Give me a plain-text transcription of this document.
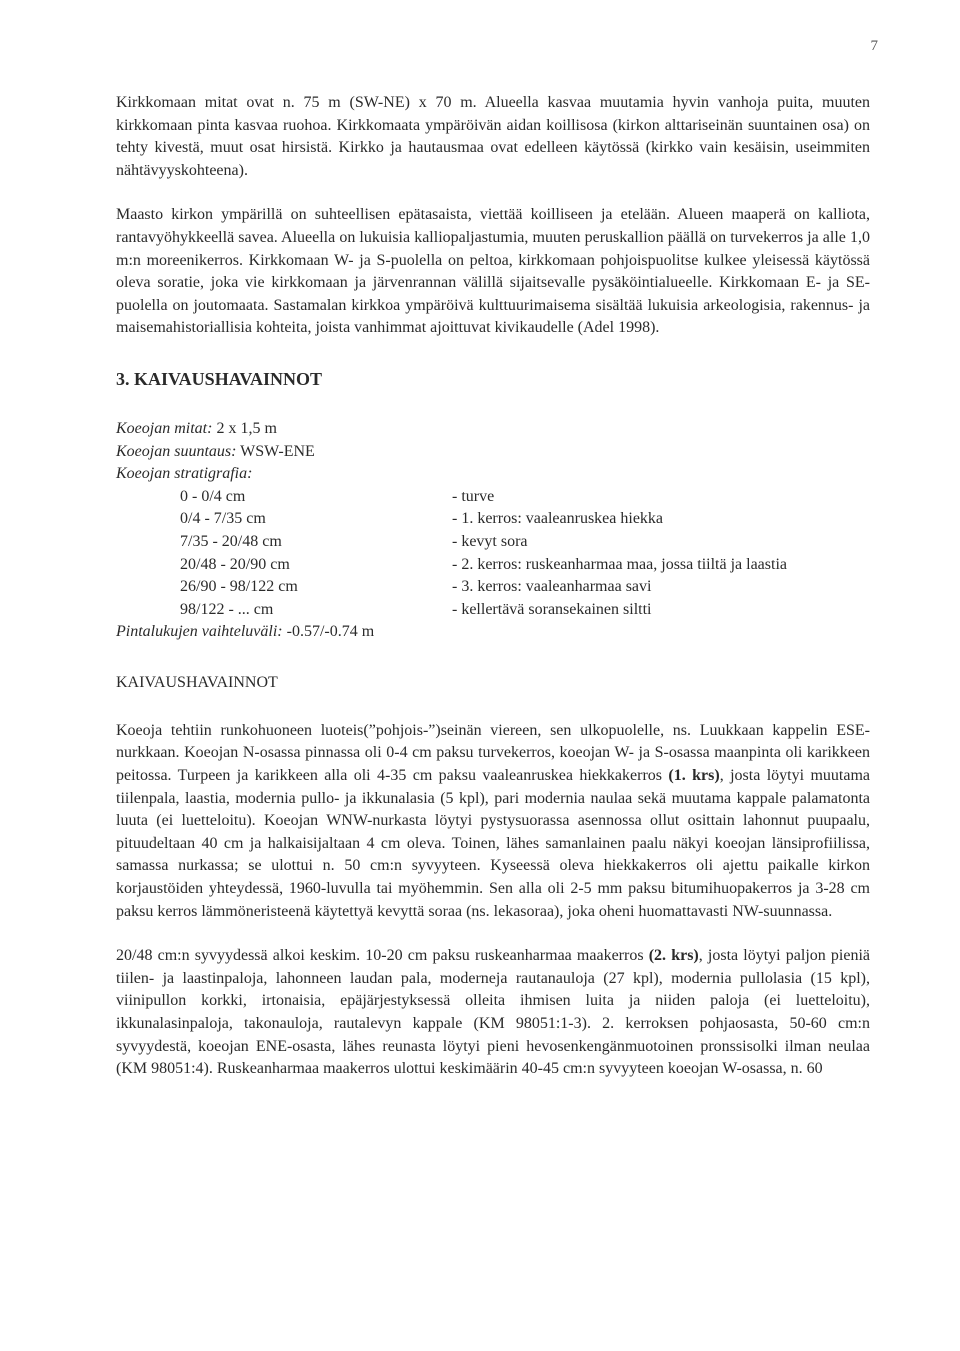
7

Kirkkomaan mitat ovat n. 75 m (SW-NE) x 70 m. Alueella kasvaa muutamia hyvin vanhoja puita, muuten kirkkomaan pinta kasvaa ruohoa. Kirkkomaata ympäröivän aidan koillisosa (kirkon alttariseinän suuntainen osa) on tehty kivestä, muut osat hirsistä. Kirkko ja hautausmaa ovat edelleen käytössä (kirkko vain kesäisin, useimmiten nähtävyyskohteena).

Maasto kirkon ympärillä on suhteellisen epätasaista, viettää koilliseen ja etelään. Alueen maaperä on kalliota, rantavyöhykkeellä savea. Alueella on lukuisia kalliopaljastumia, muuten peruskallion päällä on turvekerros ja alle 1,0 m:n moreenikerros. Kirkkomaan W- ja S-puolella on peltoa, kirkkomaan pohjoispuolitse kulkee yleisessä käytössä oleva soratie, joka vie kirkkomaan ja järvenrannan välillä sijaitsevalle pysäköintialueelle. Kirkkomaan E- ja SE-puolella on joutomaata. Sastamalan kirkkoa ympäröivä kulttuurimaisema sisältää lukuisia arkeologisia, rakennus- ja maisemahistoriallisia kohteita, joista vanhimmat ajoittuvat kivikaudelle (Adel 1998).

3. KAIVAUSHAVAINNOT
Koeojan mitat: 2 x 1,5 m
Koeojan suuntaus: WSW-ENE
Koeojan stratigrafia:
0 - 0/4 cm	- turve
0/4 - 7/35 cm	- 1. kerros: vaaleanruskea hiekka
7/35 - 20/48 cm	- kevyt sora
20/48 - 20/90 cm	- 2. kerros: ruskeanharmaa maa, jossa tiiltä ja laastia
26/90 - 98/122 cm	- 3. kerros: vaaleanharmaa savi
98/122 - ... cm	- kellertävä soransekainen siltti
Pintalukujen vaihteluväli: -0.57/-0.74 m

KAIVAUSHAVAINNOT

Koeoja tehtiin runkohuoneen luoteis(”pohjois-”)seinän viereen, sen ulkopuolelle, ns. Luukkaan kappelin ESE-nurkkaan. Koeojan N-osassa pinnassa oli 0-4 cm paksu turvekerros, koeojan W- ja S-osassa maanpinta oli karikkeen peitossa. Turpeen ja karikkeen alla oli 4-35 cm paksu vaaleanruskea hiekkakerros (1. krs), josta löytyi muutama tiilenpala, laastia, modernia pullo- ja ikkunalasia (5 kpl), pari modernia naulaa sekä muutama kappale palamatonta luuta (ei luetteloitu). Koeojan WNW-nurkasta löytyi pystysuorassa asennossa ollut osittain lahonnut puupaalu, pituudeltaan 40 cm ja halkaisijaltaan 4 cm oleva. Toinen, lähes samanlainen paalu näkyi koeojan länsiprofiilissa, samassa nurkassa; se ulottui n. 50 cm:n syvyyteen. Kyseessä oleva hiekkakerros oli ajettu paikalle kirkon korjaustöiden yhteydessä, 1960-luvulla tai myöhemmin. Sen alla oli 2-5 mm paksu bitumihuopakerros ja 3-28 cm paksu kerros lämmöneristeenä käytettyä kevyttä soraa (ns. lekasoraa), joka oheni huomattavasti NW-suunnassa.

20/48 cm:n syvyydessä alkoi keskim. 10-20 cm paksu ruskeanharmaa maakerros (2. krs), josta löytyi paljon pieniä tiilen- ja laastinpaloja, lahonneen laudan pala, moderneja rautanauloja (27 kpl), modernia pullolasia (15 kpl), viinipullon korkki, irtonaisia, epäjärjestyksessä olleita ihmisen luita ja niiden paloja (ei luetteloitu), ikkunalasinpaloja, takonauloja, rautalevyn kappale (KM 98051:1-3). 2. kerroksen pohjaosasta, 50-60 cm:n syvyydestä, koeojan ENE-osasta, lähes reunasta löytyi pieni hevosenkengänmuotoinen pronssisolki ilman neulaa (KM 98051:4). Ruskeanharmaa maakerros ulottui keskimäärin 40-45 cm:n syvyyteen koeojan W-osassa, n. 60
